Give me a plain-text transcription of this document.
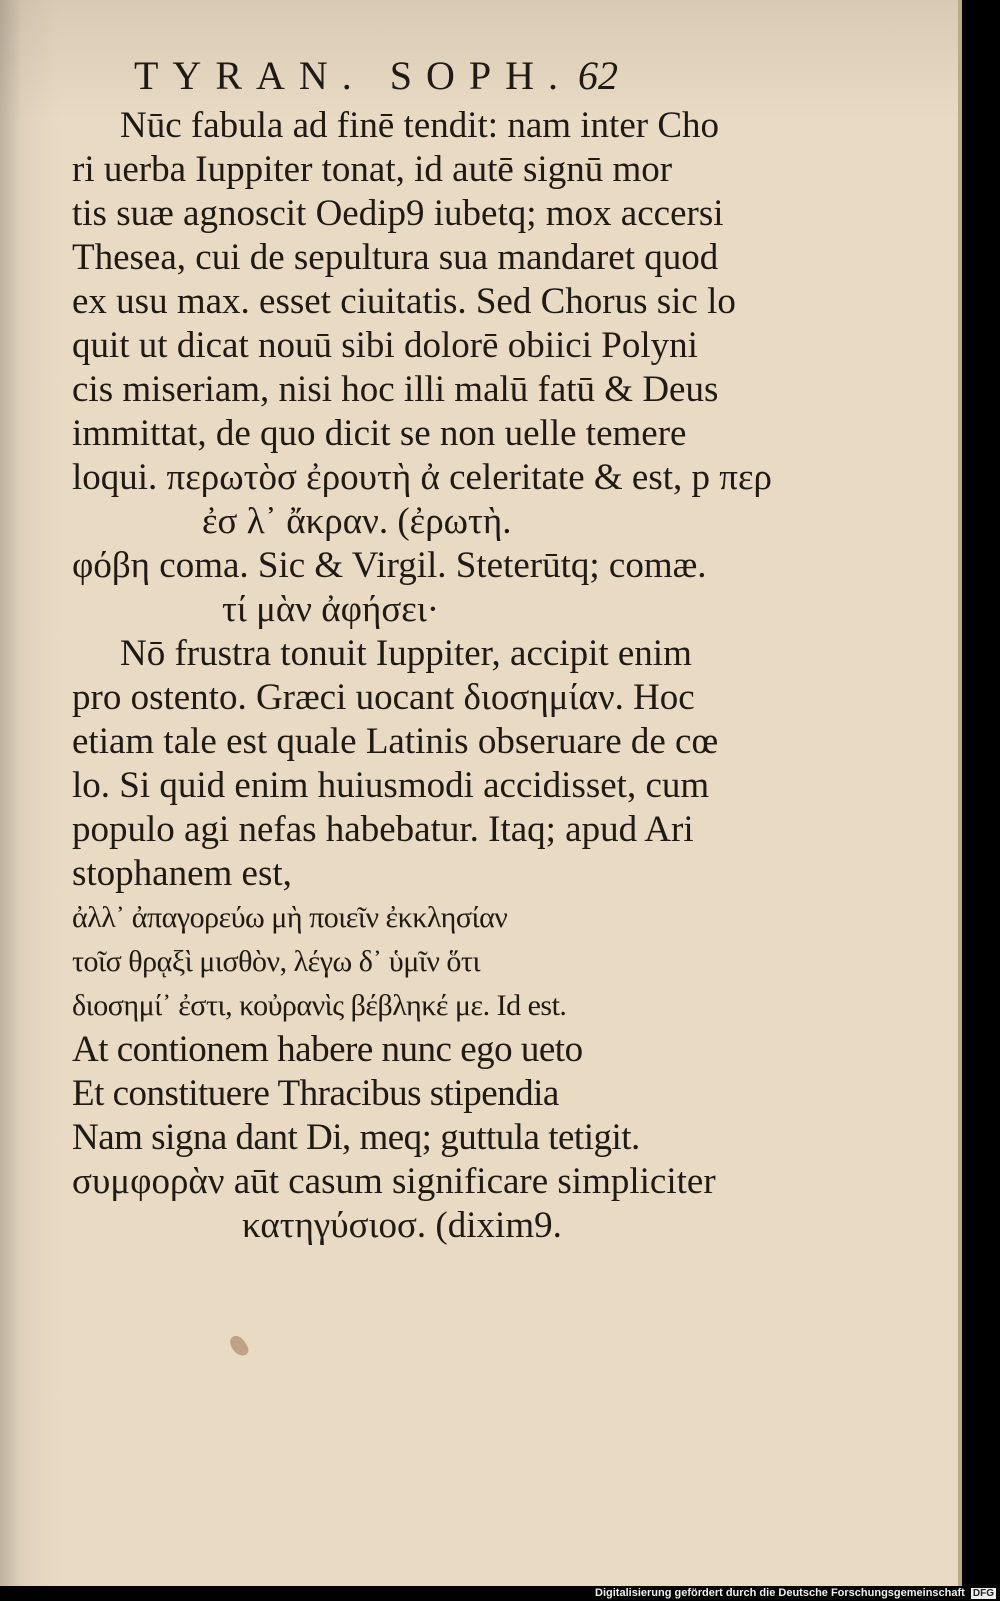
TYRAN. SOPH. 62
Nūc fabula ad finē tendit: nam inter Cho
ri uerba Iuppiter tonat, id autē signū mor
tis suæ agnoscit Oedip9 iubetq; mox accersi
Thesea, cui de sepultura sua mandaret quod
ex usu max. esset ciuitatis. Sed Chorus sic lo
quit ut dicat nouū sibi dolorē obiici Polyni
cis miseriam, nisi hoc illi malū fatū & Deus
immittat, de quo dicit se non uelle temere
loqui. περωτὸσ ἐρουτὴ ἀ celeritate & est, p περ
ἐσ λ᾽ ἄκραν. (ἐρωτὴ.
φόβη coma. Sic & Virgil. Steterūtq; comæ.
τί μὰν ἀφήσει·
Nō frustra tonuit Iuppiter, accipit enim
pro ostento. Græci uocant διοσημίαν. Hoc
etiam tale est quale Latinis obseruare de cœ
lo. Si quid enim huiusmodi accidisset, cum
populo agi nefas habebatur. Itaq; apud Ari
stophanem est,
ἀλλ᾽ ἀπαγορεύω μὴ ποιεῖν ἐκκλησίαν
τοῖσ θρᾳξὶ μισθὸν, λέγω δ᾽ ὑμῖν ὅτι
διοσημί᾽ ἐστι, κοὐρανὶς βέβληκέ με. Id est.
At contionem habere nunc ego ueto
Et constituere Thracibus stipendia
Nam signa dant Di, meq; guttula tetigit.
συμφορὰν aūt casum significare simpliciter
κατηγύσιοσ. (dixim9.
Digitalisierung gefördert durch die Deutsche Forschungsgemeinschaft DFG
